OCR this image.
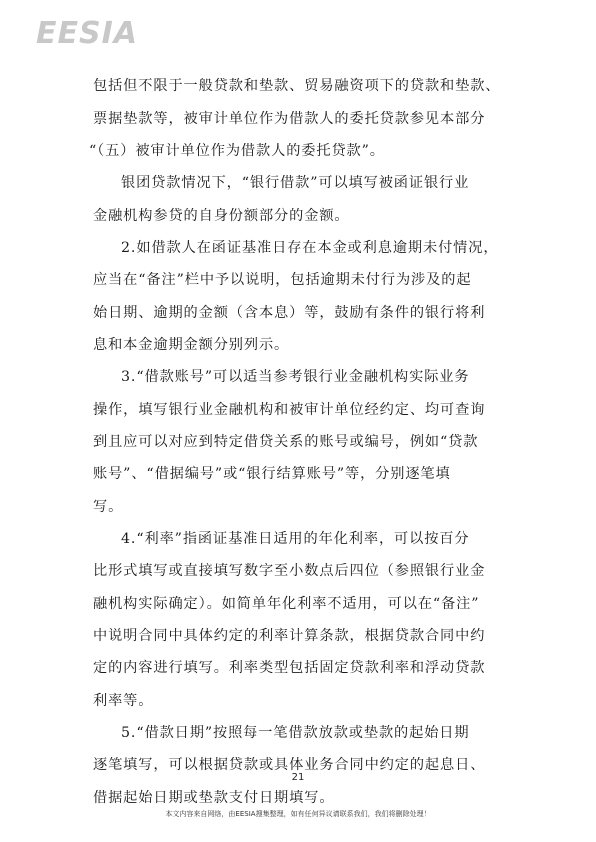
EESIA
包括但不限于一般贷款和垫款、贸易融资项下的贷款和垫款、
票据垫款等，被审计单位作为借款人的委托贷款参见本部分
“（五）被审计单位作为借款人的委托贷款”。
银团贷款情况下，“银行借款”可以填写被函证银行业
金融机构参贷的自身份额部分的金额。
2.如借款人在函证基准日存在本金或利息逾期未付情况，
应当在“备注”栏中予以说明，包括逾期未付行为涉及的起
始日期、逾期的金额（含本息）等，鼓励有条件的银行将利
息和本金逾期金额分别列示。
3.“借款账号”可以适当参考银行业金融机构实际业务
操作，填写银行业金融机构和被审计单位经约定、均可查询
到且应可以对应到特定借贷关系的账号或编号，例如“贷款
账号”、“借据编号”或“银行结算账号”等，分别逐笔填
写。
4.“利率”指函证基准日适用的年化利率，可以按百分
比形式填写或直接填写数字至小数点后四位（参照银行业金
融机构实际确定）。如简单年化利率不适用，可以在“备注”
中说明合同中具体约定的利率计算条款，根据贷款合同中约
定的内容进行填写。利率类型包括固定贷款利率和浮动贷款
利率等。
5.“借款日期”按照每一笔借款放款或垫款的起始日期
逐笔填写，可以根据贷款或具体业务合同中约定的起息日、
借据起始日期或垫款支付日期填写。
21
本文内容来自网络，由EESIA搜集整理，如有任何异议请联系我们，我们将删除处理！
